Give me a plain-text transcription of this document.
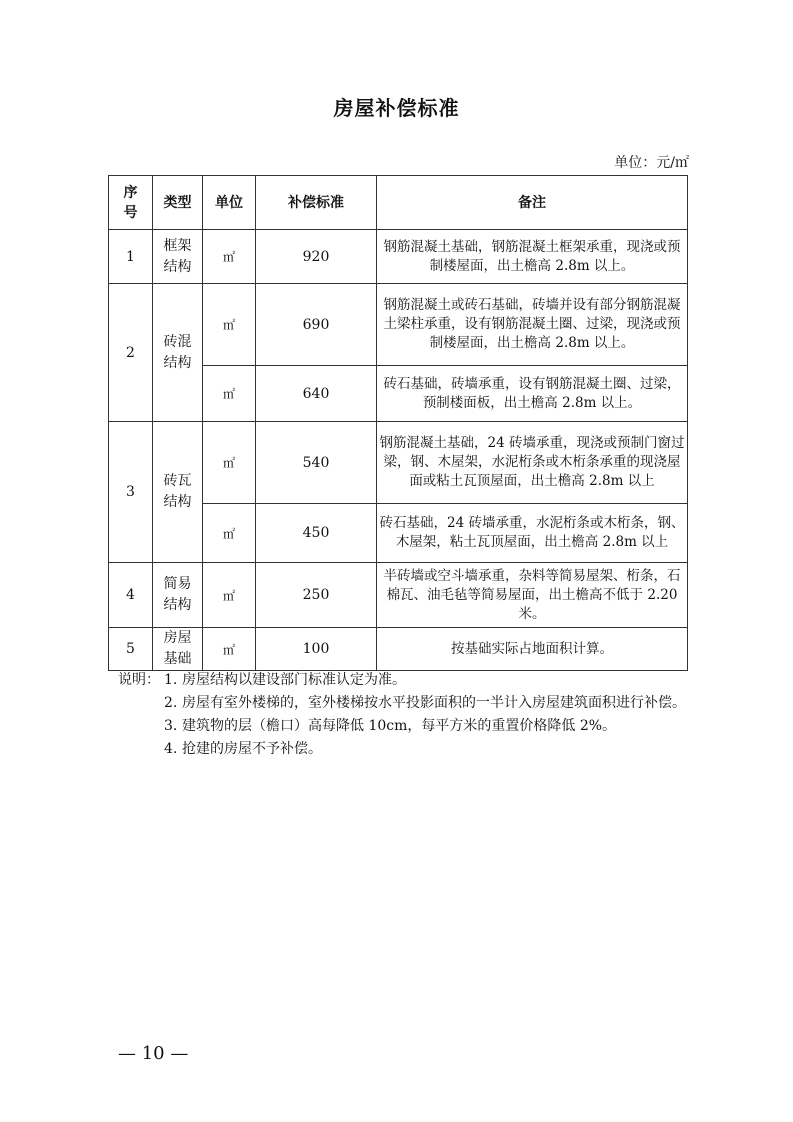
房屋补偿标准
单位：元/㎡
序号	类型	单位	补偿标准	备注
1	框架结构	㎡	920	钢筋混凝土基础，钢筋混凝土框架承重，现浇或预制楼屋面，出土檐高 2.8m 以上。
2	砖混结构	㎡	690	钢筋混凝土或砖石基础，砖墙并设有部分钢筋混凝土梁柱承重，设有钢筋混凝土圈、过梁，现浇或预制楼屋面，出土檐高 2.8m 以上。
		㎡	640	砖石基础，砖墙承重，设有钢筋混凝土圈、过梁，预制楼面板，出土檐高 2.8m 以上。
3	砖瓦结构	㎡	540	钢筋混凝土基础，24 砖墙承重，现浇或预制门窗过梁，钢、木屋架，水泥桁条或木桁条承重的现浇屋面或粘土瓦顶屋面，出土檐高 2.8m 以上
		㎡	450	砖石基础，24 砖墙承重，水泥桁条或木桁条，钢、木屋架，粘土瓦顶屋面，出土檐高 2.8m 以上
4	简易结构	㎡	250	半砖墙或空斗墙承重，杂料等简易屋架、桁条，石棉瓦、油毛毡等简易屋面，出土檐高不低于 2.20 米。
5	房屋基础	㎡	100	按基础实际占地面积计算。
说明： 1. 房屋结构以建设部门标准认定为准。
2. 房屋有室外楼梯的，室外楼梯按水平投影面积的一半计入房屋建筑面积进行补偿。
3. 建筑物的层（檐口）高每降低 10cm，每平方米的重置价格降低 2%。
4. 抢建的房屋不予补偿。
— 10 —
